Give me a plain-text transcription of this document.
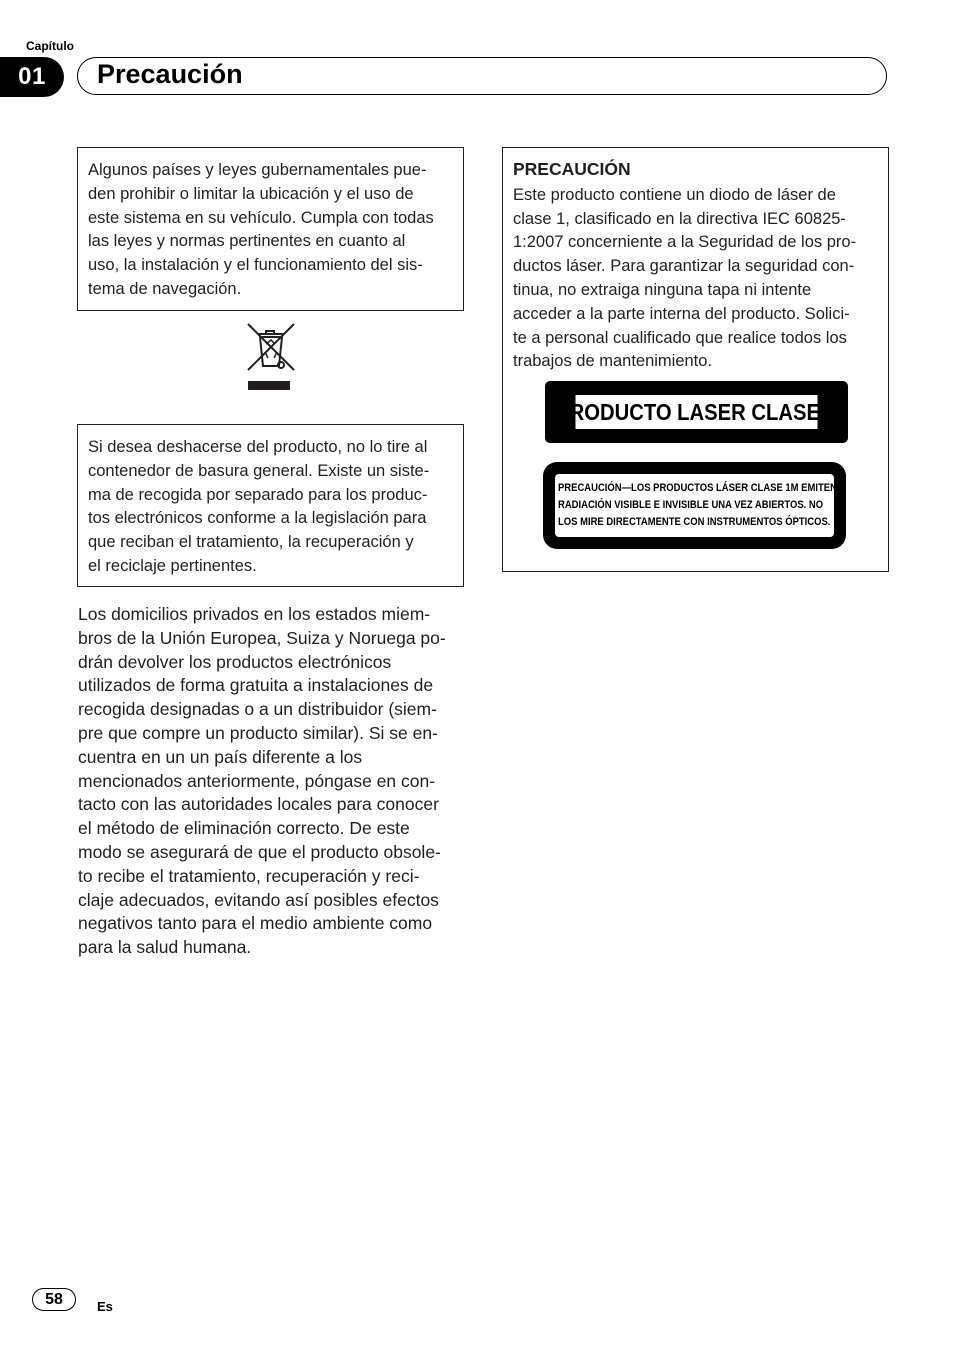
Capítulo
01	Precaución

Algunos países y leyes gubernamentales pue-

den prohibir o limitar la ubicación y el uso de

este sistema en su vehículo. Cumpla con todas

las leyes y normas pertinentes en cuanto al

uso, la instalación y el funcionamiento del sis-

tema de navegación.

Si desea deshacerse del producto, no lo tire al

contenedor de basura general. Existe un siste-

ma de recogida por separado para los produc-

tos electrónicos conforme a la legislación para

que reciban el tratamiento, la recuperación y

el reciclaje pertinentes.

Los domicilios privados en los estados miem-

bros de la Unión Europea, Suiza y Noruega po-

drán devolver los productos electrónicos

utilizados de forma gratuita a instalaciones de

recogida designadas o a un distribuidor (siem-

pre que compre un producto similar). Si se en-

cuentra en un un país diferente a los

mencionados anteriormente, póngase en con-

tacto con las autoridades locales para conocer

el método de eliminación correcto. De este

modo se asegurará de que el producto obsole-

to recibe el tratamiento, recuperación y reci-

claje adecuados, evitando así posibles efectos

negativos tanto para el medio ambiente como

para la salud humana.

PRECAUCIÓN

Este producto contiene un diodo de láser de

clase 1, clasificado en la directiva IEC 60825-

1:2007 concerniente a la Seguridad de los pro-

ductos láser. Para garantizar la seguridad con-

tinua, no extraiga ninguna tapa ni intente

acceder a la parte interna del producto. Solici-

te a personal cualificado que realice todos los

trabajos de mantenimiento.

PRODUCTO LASER CLASE 1
PRECAUCIÓN—LOS PRODUCTOS LÁSER CLASE 1M EMITEN
RADIACIÓN VISIBLE E INVISIBLE UNA VEZ ABIERTOS. NO
LOS MIRE DIRECTAMENTE CON INSTRUMENTOS ÓPTICOS.
58	Es
